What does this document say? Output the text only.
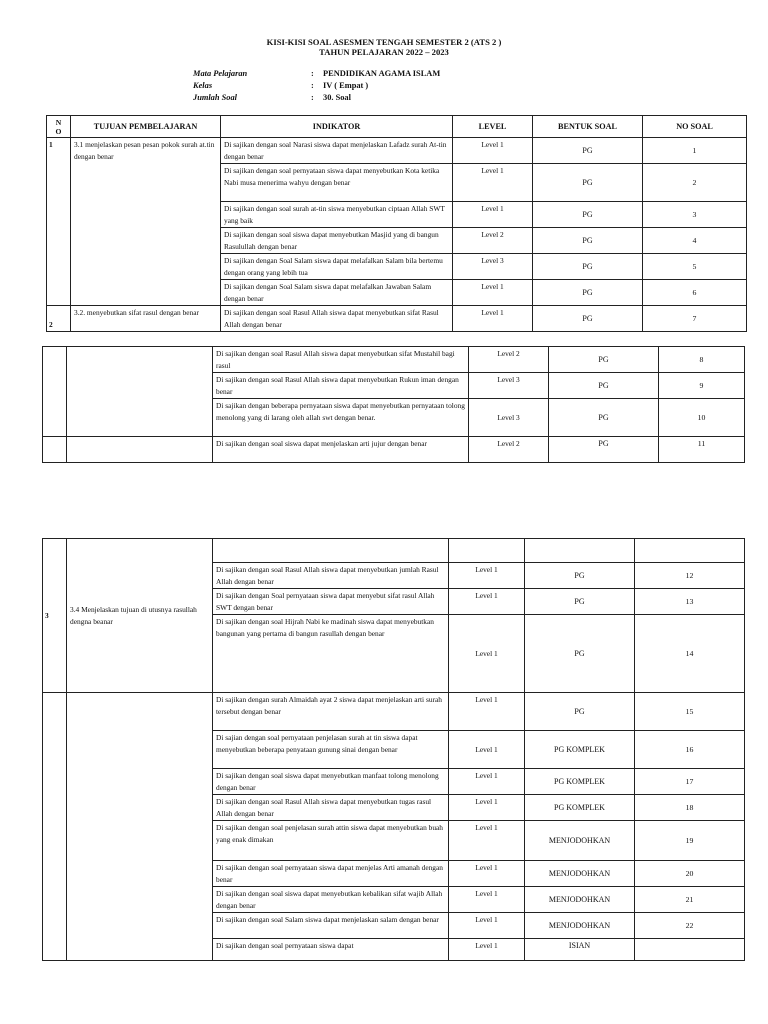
KISI-KISI SOAL ASESMEN TENGAH SEMESTER 2 (ATS 2 )
TAHUN PELAJARAN 2022 – 2023
Mata Pelajaran	:	PENDIDIKAN AGAMA ISLAM
Kelas	:	IV ( Empat )
Jumlah Soal	:	30. Soal
N
O	TUJUAN PEMBELAJARAN	INDIKATOR	LEVEL	BENTUK SOAL	NO SOAL
1	3.1 menjelaskan pesan pesan pokok surah at.tin dengan benar	Di sajikan dengan soal Narasi siswa dapat menjelaskan Lafadz surah At-tin dengan benar	Level 1	PG	1
		Di sajikan dengan soal pernyataan siswa dapat menyebutkan Kota ketika Nabi musa menerima wahyu dengan benar	Level 1	PG	2
		Di sajikan dengan soal surah at-tin siswa menyebutkan ciptaan Allah SWT yang baik	Level 1	PG	3
		Di sajikan dengan soal siswa dapat menyebutkan Masjid yang di bangun Rasulullah dengan benar	Level 2	PG	4
		Di sajikan dengan Soal Salam siswa dapat melafalkan Salam bila bertemu dengan orang yang lebih tua	Level 3	PG	5
		Di sajikan dengan Soal Salam siswa dapat melafalkan Jawaban Salam dengan benar	Level 1	PG	6
2	3.2. menyebutkan sifat rasul dengan benar	Di sajikan dengan soal Rasul Allah siswa dapat menyebutkan sifat Rasul Allah dengan benar	Level 1	PG	7
		Di sajikan dengan soal Rasul Allah siswa dapat menyebutkan sifat Mustahil bagi rasul	Level 2	PG	8
		Di sajikan dengan soal Rasul Allah siswa dapat menyebutkan Rukun iman dengan benar	Level 3	PG	9
		Di sajikan dengan beberapa pernyataan siswa dapat menyebutkan pernyataan tolong menolong yang di larang oleh allah swt dengan benar.	Level 3	PG	10
		Di sajikan dengan soal siswa dapat menjelaskan arti jujur dengan benar	Level 2	PG	11
3	3.4 Menjelaskan tujuan di utusnya rasullah dengna beanar				
		Di sajikan dengan soal Rasul Allah siswa dapat menyebutkan jumlah Rasul Allah dengan benar	Level 1	PG	12
		Di sajikan dengan Soal pernyataan siswa dapat menyebut sifat rasul Allah SWT dengan benar	Level 1	PG	13
		Di sajikan dengan soal Hijrah Nabi ke madinah siswa dapat menyebutkan bangunan yang pertama di bangun rasullah dengan benar	Level 1	PG	14
		Di sajikan dengan surah Almaidah ayat 2 siswa dapat menjelaskan arti surah tersebut dengan benar	Level 1	PG	15
		Di sajian dengan soal pernyataan penjelasan surah at tin siswa dapat menyebutkan beberapa penyataan gunung sinai dengan benar	Level 1	PG KOMPLEK	16
		Di sajikan dengan soal siswa dapat menyebutkan manfaat tolong menolong dengan benar	Level 1	PG KOMPLEK	17
		Di sajikan dengan soal Rasul Allah siswa dapat menyebutkan tugas rasul Allah dengan benar	Level 1	PG KOMPLEK	18
		Di sajikan dengan soal penjelasan surah attin siswa dapat menyebutkan buah yang enak dimakan	Level 1	MENJODOHKAN	19
		Di sajikan dengan soal pernyataan siswa dapat menjelas Arti amanah dengan benar	Level 1	MENJODOHKAN	20
		Di sajikan dengan soal siswa dapat menyebutkan kebalikan sifat wajib Allah dengan benar	Level 1	MENJODOHKAN	21
		Di sajikan dengan soal Salam siswa dapat menjelaskan salam dengan benar	Level 1	MENJODOHKAN	22
		Di sajikan dengan soal pernyataan siswa dapat	Level 1	ISIAN	
